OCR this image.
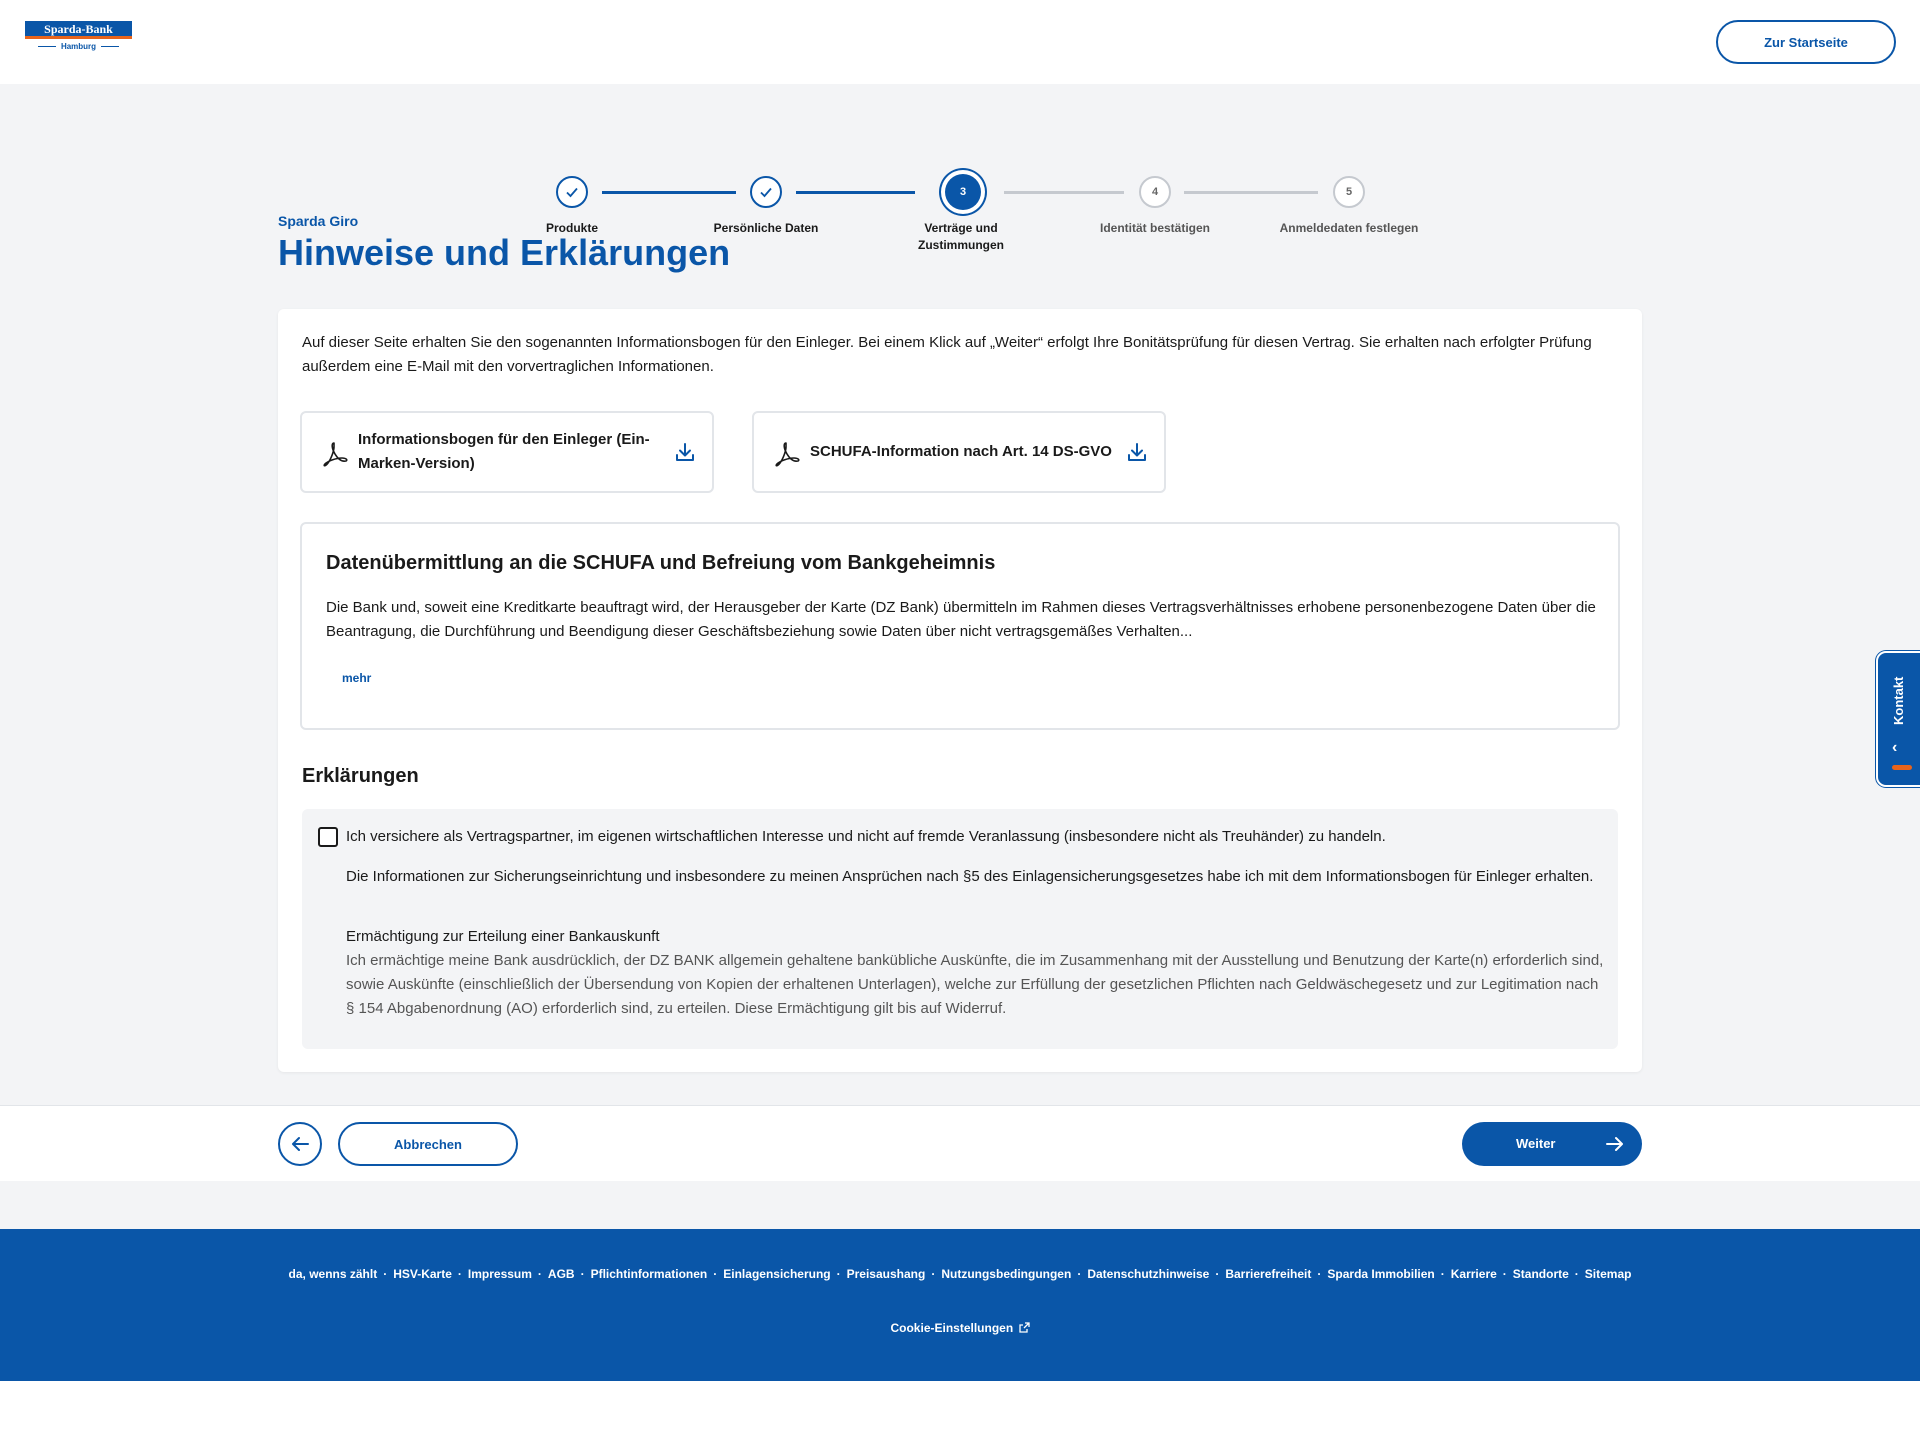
Sparda-Bank
Hamburg	Zur Startseite
3	4	5
Produkte	Persönliche Daten	Verträge und Zustimmungen
Identität bestätigen	Anmeldedaten festlegen
Sparda Giro
Hinweise und Erklärungen

Auf dieser Seite erhalten Sie den sogenannten Informationsbogen für den Einleger. Bei einem Klick auf „Weiter“ erfolgt Ihre Bonitätsprüfung für diesen Vertrag. Sie erhalten nach erfolgter Prüfung außerdem eine E-Mail mit den vorvertraglichen Informationen.

Informationsbogen für den Einleger (Ein-Marken-Version)
SCHUFA-Information nach Art. 14 DS-GVO
Datenübermittlung an die SCHUFA und Befreiung vom Bankgeheimnis

Die Bank und, soweit eine Kreditkarte beauftragt wird, der Herausgeber der Karte (DZ Bank) übermitteln im Rahmen dieses Vertragsverhältnisses erhobene personenbezogene Daten über die Beantragung, die Durchführung und Beendigung dieser Geschäftsbeziehung sowie Daten über nicht vertragsgemäßes Verhalten...

mehr
Erklärungen
Ich versichere als Vertragspartner, im eigenen wirtschaftlichen Interesse und nicht auf fremde Veranlassung (insbesondere nicht als Treuhänder) zu handeln.

Die Informationen zur Sicherungseinrichtung und insbesondere zu meinen Ansprüchen nach §5 des Einlagensicherungsgesetzes habe ich mit dem Informationsbogen für Einleger erhalten.

Ermächtigung zur Erteilung einer Bankauskunft

Ich ermächtige meine Bank ausdrücklich, der DZ BANK allgemein gehaltene bankübliche Auskünfte, die im Zusammenhang mit der Ausstellung und Benutzung der Karte(n) erforderlich sind, sowie Auskünfte (einschließlich der Übersendung von Kopien der erhaltenen Unterlagen), welche zur Erfüllung der gesetzlichen Pflichten nach Geldwäschegesetz und zur Legitimation nach § 154 Abgabenordnung (AO) erforderlich sind, zu erteilen. Diese Ermächtigung gilt bis auf Widerruf.

Abbrechen	Weiter
da, wenns zählt · HSV-Karte · Impressum · AGB · Pflichtinformationen · Einlagensicherung · Preisaushang · Nutzungsbedingungen · Datenschutzhinweise · Barrierefreiheit · Sparda Immobilien · Karriere · Standorte · Sitemap
Cookie-Einstellungen
Kontakt
‹
